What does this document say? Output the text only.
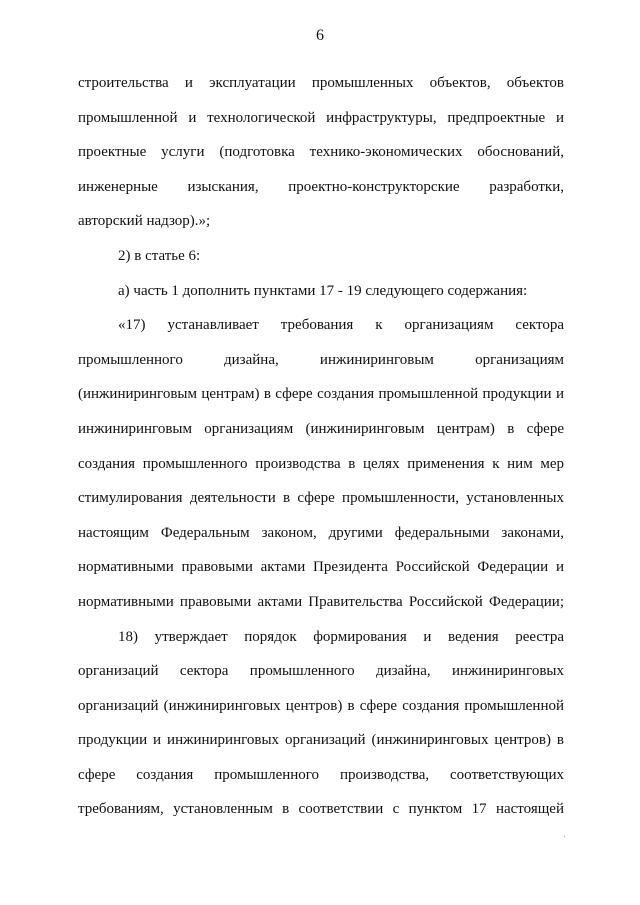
6
строительства и эксплуатации промышленных объектов, объектов
промышленной и технологической инфраструктуры, предпроектные и
проектные услуги (подготовка технико-экономических обоснований,
инженерные изыскания, проектно-конструкторские разработки,
авторский надзор).»;
2) в статье 6:
а) часть 1 дополнить пунктами 17 - 19 следующего содержания:
«17) устанавливает требования к организациям сектора
промышленного дизайна, инжиниринговым организациям
(инжиниринговым центрам) в сфере создания промышленной продукции и
инжиниринговым организациям (инжиниринговым центрам) в сфере
создания промышленного производства в целях применения к ним мер
стимулирования деятельности в сфере промышленности, установленных
настоящим Федеральным законом, другими федеральными законами,
нормативными правовыми актами Президента Российской Федерации и
нормативными правовыми актами Правительства Российской Федерации;
18) утверждает порядок формирования и ведения реестра
организаций сектора промышленного дизайна, инжиниринговых
организаций (инжиниринговых центров) в сфере создания промышленной
продукции и инжиниринговых организаций (инжиниринговых центров) в
сфере создания промышленного производства, соответствующих
требованиям, установленным в соответствии с пунктом 17 настоящей
